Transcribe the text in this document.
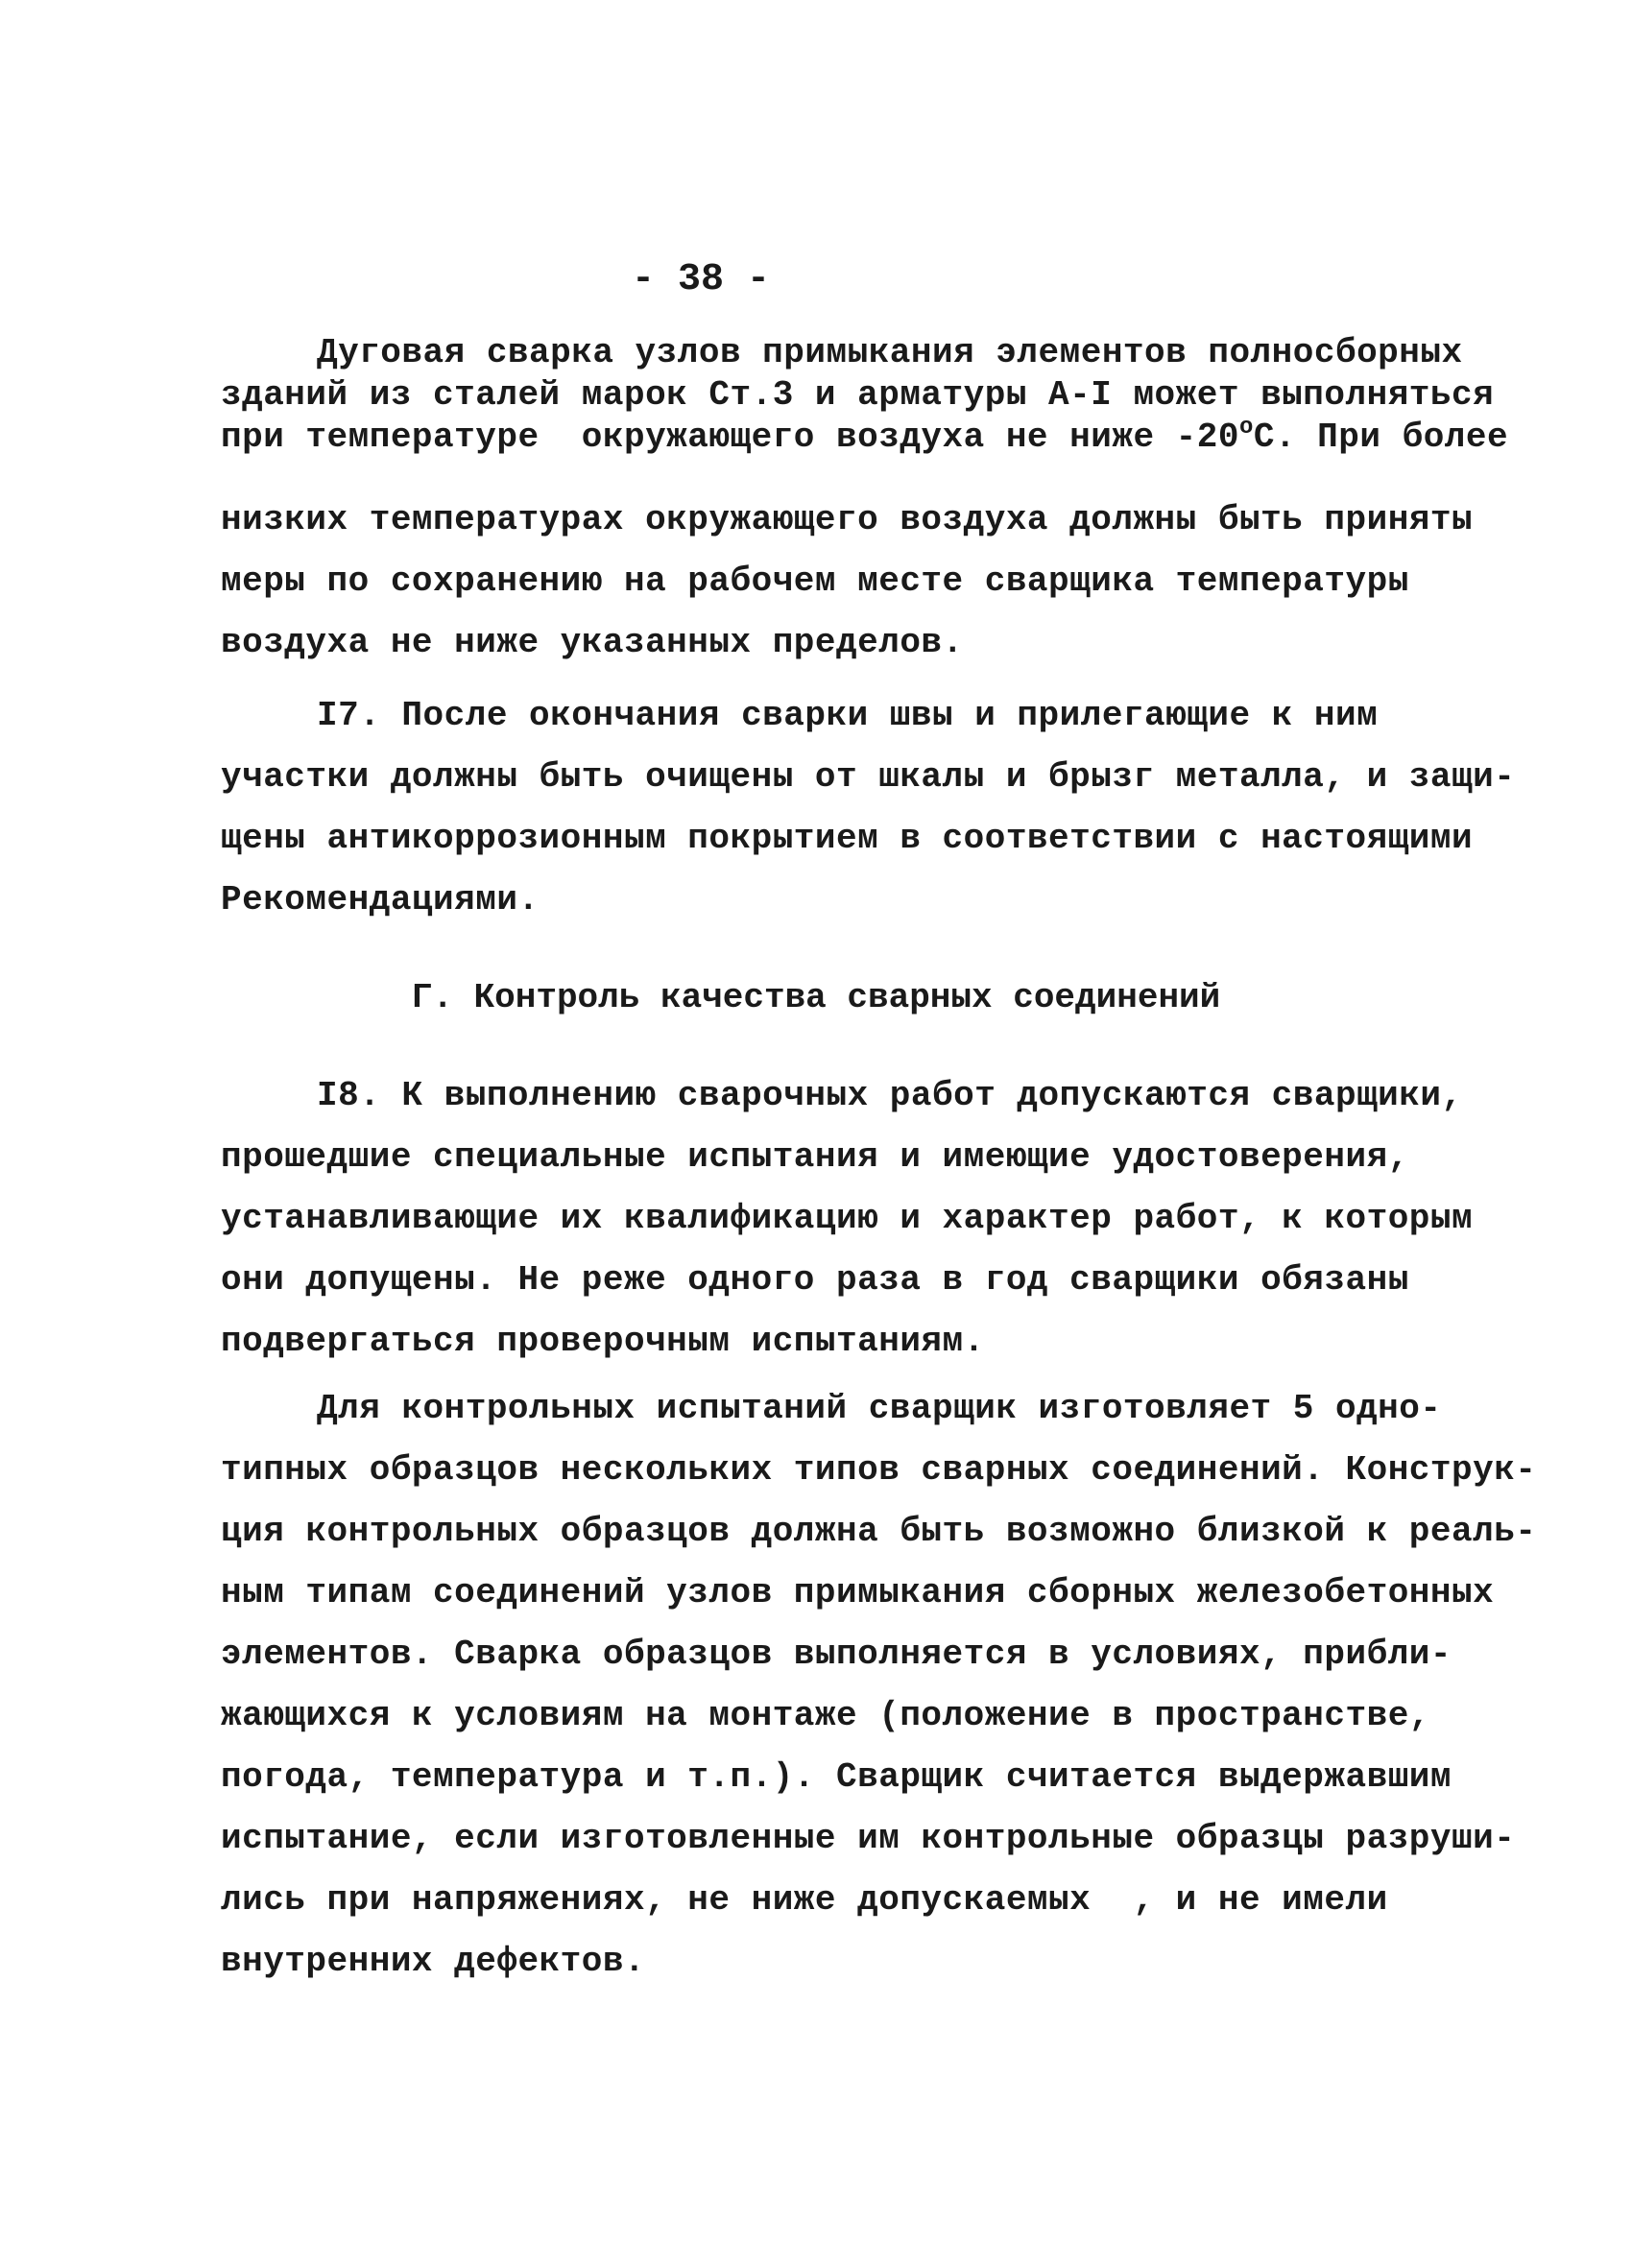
- 38 -
Дуговая сварка узлов примыкания элементов полносборных
зданий из сталей марок Ст.3 и арматуры А-I может выполняться
при температуре  окружающего воздуха не ниже $-20^оС$. При более
низких температурах окружающего воздуха должны быть приняты
меры по сохранению на рабочем месте сварщика температуры
воздуха не ниже указанных пределов.
I7. После окончания сварки швы и прилегающие к ним
участки должны быть очищены от шкалы и брызг металла, и защи-
щены антикоррозионным покрытием в соответствии с настоящими
Рекомендациями.
Г. Контроль качества сварных соединений
I8. К выполнению сварочных работ допускаются сварщики,
прошедшие специальные испытания и имеющие удостоверения,
устанавливающие их квалификацию и характер работ, к которым
они допущены. Не реже одного раза в год сварщики обязаны
подвергаться проверочным испытаниям.
Для контрольных испытаний сварщик изготовляет 5 одно-
типных образцов нескольких типов сварных соединений. Конструк-
ция контрольных образцов должна быть возможно близкой к реаль-
ным типам соединений узлов примыкания сборных железобетонных
элементов. Сварка образцов выполняется в условиях, прибли-
жающихся к условиям на монтаже (положение в пространстве,
погода, температура и т.п.). Сварщик считается выдержавшим
испытание, если изготовленные им контрольные образцы разруши-
лись при напряжениях, не ниже допускаемых  , и не имели
внутренних дефектов.
